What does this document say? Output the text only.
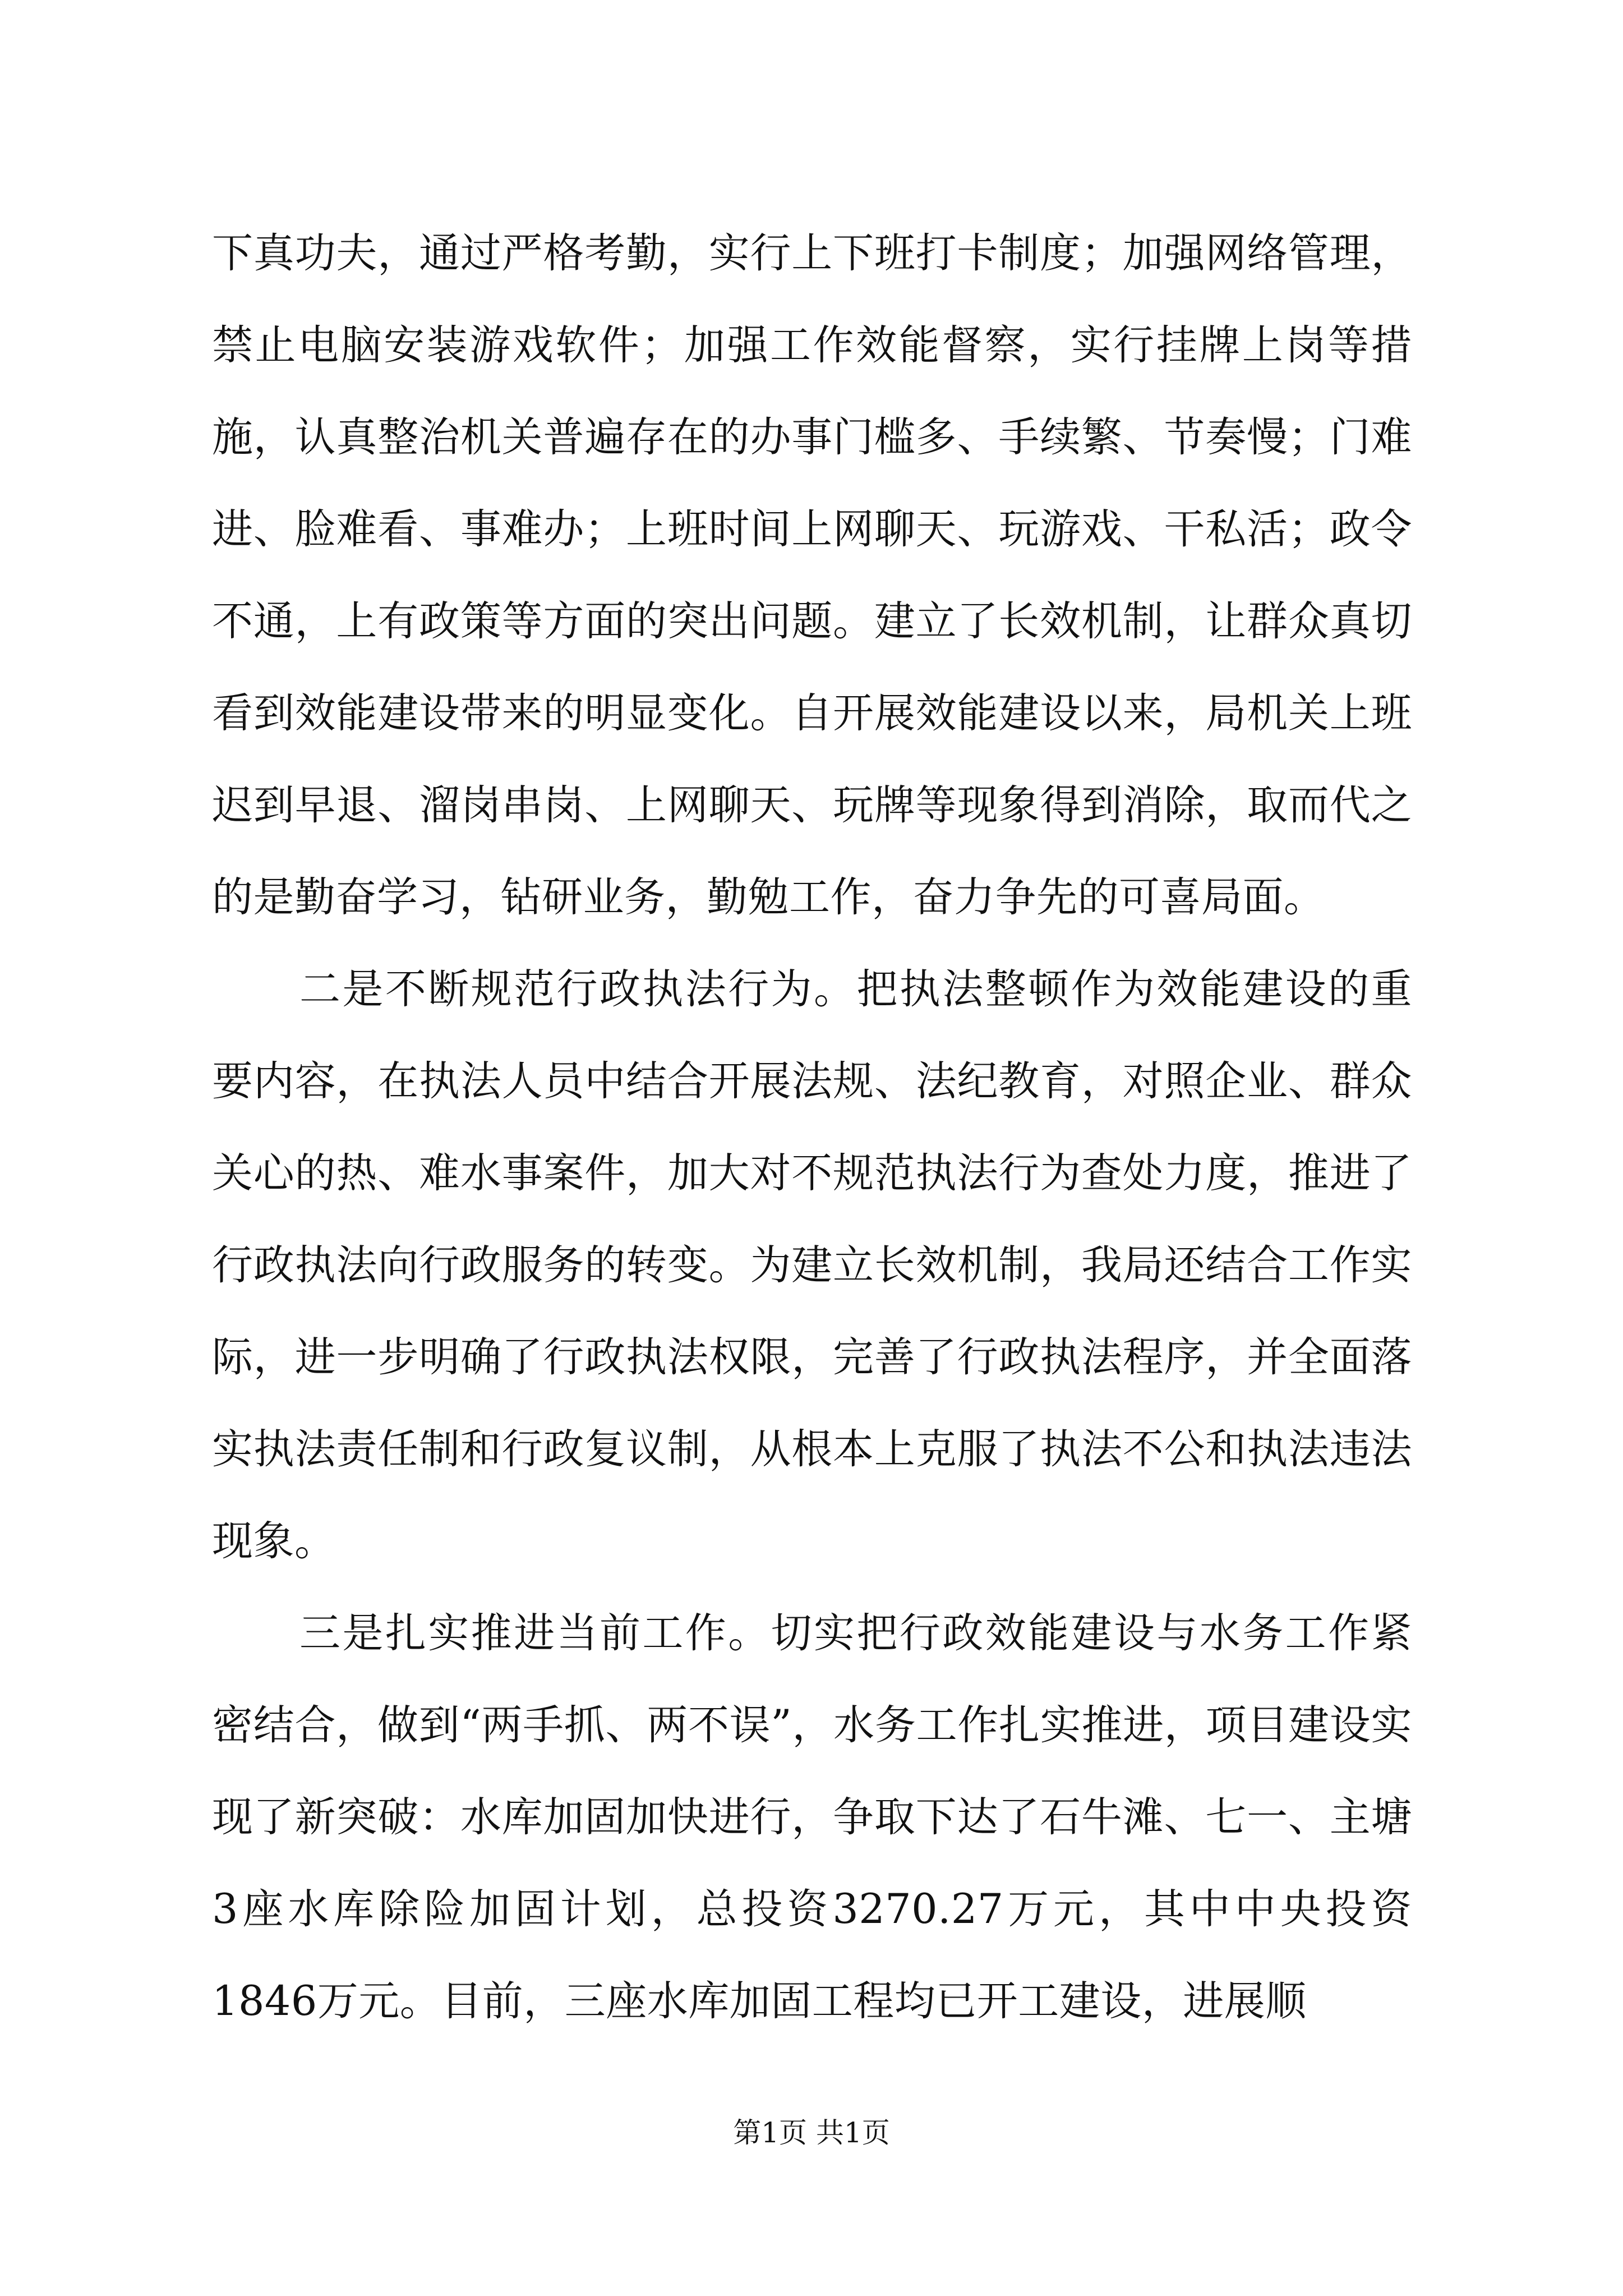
下真功夫，通过严格考勤，实行上下班打卡制度；加强网络管理，禁止电脑安装游戏软件；加强工作效能督察，实行挂牌上岗等措施，认真整治机关普遍存在的办事门槛多、手续繁、节奏慢；门难进、脸难看、事难办；上班时间上网聊天、玩游戏、干私活；政令不通，上有政策等方面的突出问题。建立了长效机制，让群众真切看到效能建设带来的明显变化。自开展效能建设以来，局机关上班迟到早退、溜岗串岗、上网聊天、玩牌等现象得到消除，取而代之的是勤奋学习，钻研业务，勤勉工作，奋力争先的可喜局面。

二是不断规范行政执法行为。把执法整顿作为效能建设的重要内容，在执法人员中结合开展法规、法纪教育，对照企业、群众关心的热、难水事案件，加大对不规范执法行为查处力度，推进了行政执法向行政服务的转变。为建立长效机制，我局还结合工作实际，进一步明确了行政执法权限，完善了行政执法程序，并全面落实执法责任制和行政复议制，从根本上克服了执法不公和执法违法现象。

三是扎实推进当前工作。切实把行政效能建设与水务工作紧密结合，做到“两手抓、两不误”，水务工作扎实推进，项目建设实现了新突破：水库加固加快进行，争取下达了石牛滩、七一、主塘3座水库除险加固计划，总投资3270.27万元，其中中央投资1846万元。目前，三座水库加固工程均已开工建设，进展顺

第1页 共1页
